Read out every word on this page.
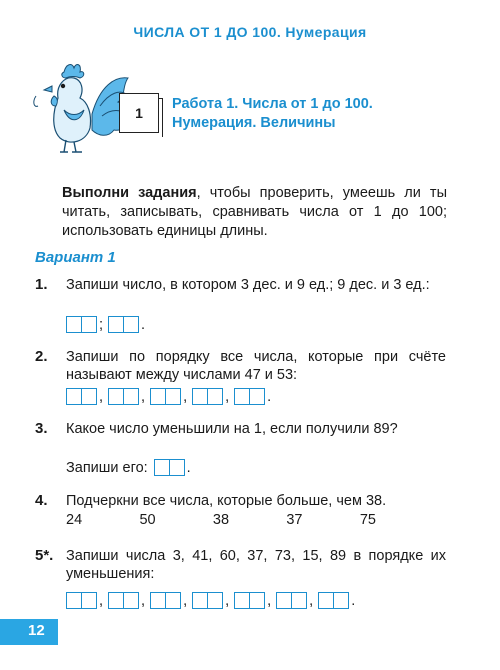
ЧИСЛА ОТ 1 ДО 100. Нумерация
1
Работа 1. Числа от 1 до 100.
Нумерация. Величины
Выполни задания, чтобы проверить, умеешь ли ты читать, записывать, сравнивать числа от 1 до 100; использовать единицы длины.
Вариант 1
1. Запиши число, в котором 3 дес. и 9 ед.; 9 дес. и 3 ед.:
;	.
2. Запиши по порядку все числа, которые при счёте называют между числами 47 и 53:
,	,	,	,	.
3. Какое число уменьшили на 1, если получили 89?
Запиши его:	.
4. Подчеркни все числа, которые больше, чем 38.
24	50	38	37	75
5*. Запиши числа 3, 41, 60, 37, 73, 15, 89 в порядке их уменьшения:
,	,	,	,	,	,	.
12
